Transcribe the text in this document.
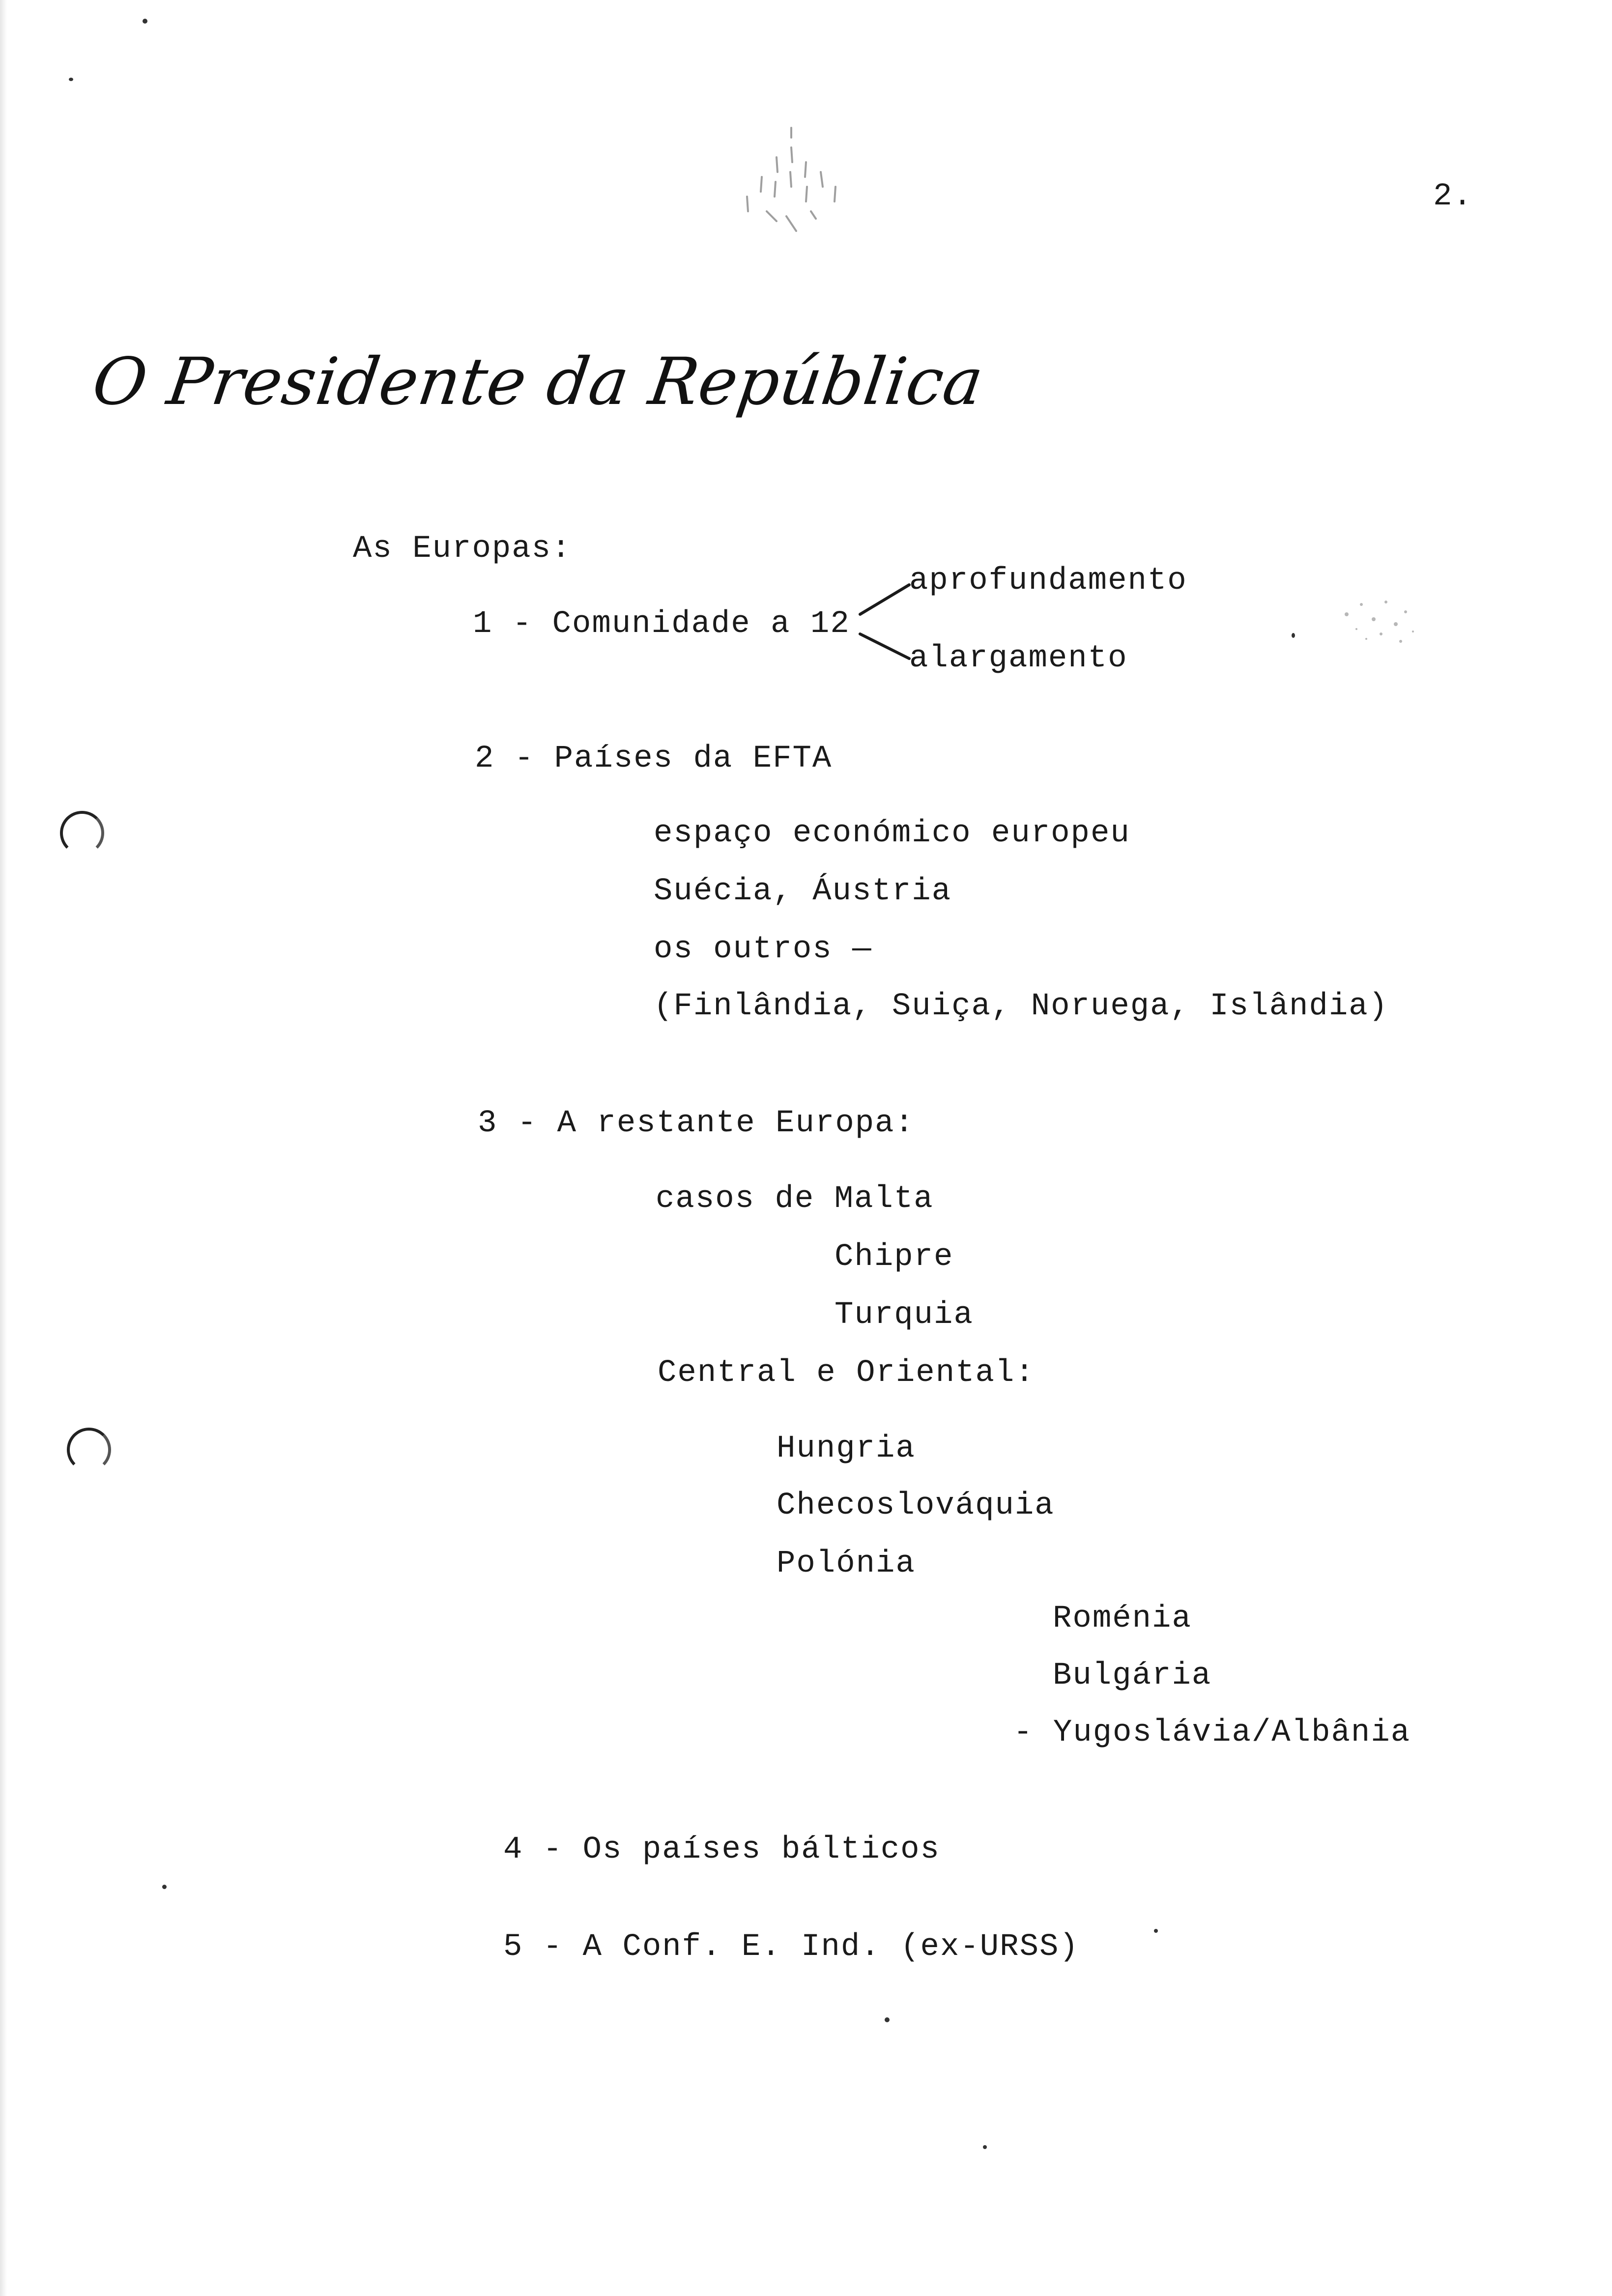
2.
O Presidente da República
As Europas:
1 - Comunidade a 12
aprofundamento
alargamento
2 - Países da EFTA
espaço económico europeu
Suécia, Áustria
os outros —
(Finlândia, Suiça, Noruega, Islândia)
3 - A restante Europa:
casos de Malta
Chipre
Turquia
Central e Oriental:
Hungria
Checoslováquia
Polónia
Roménia
Bulgária
- Yugoslávia/Albânia
4 - Os países bálticos
5 - A Conf. E. Ind. (ex-URSS)
